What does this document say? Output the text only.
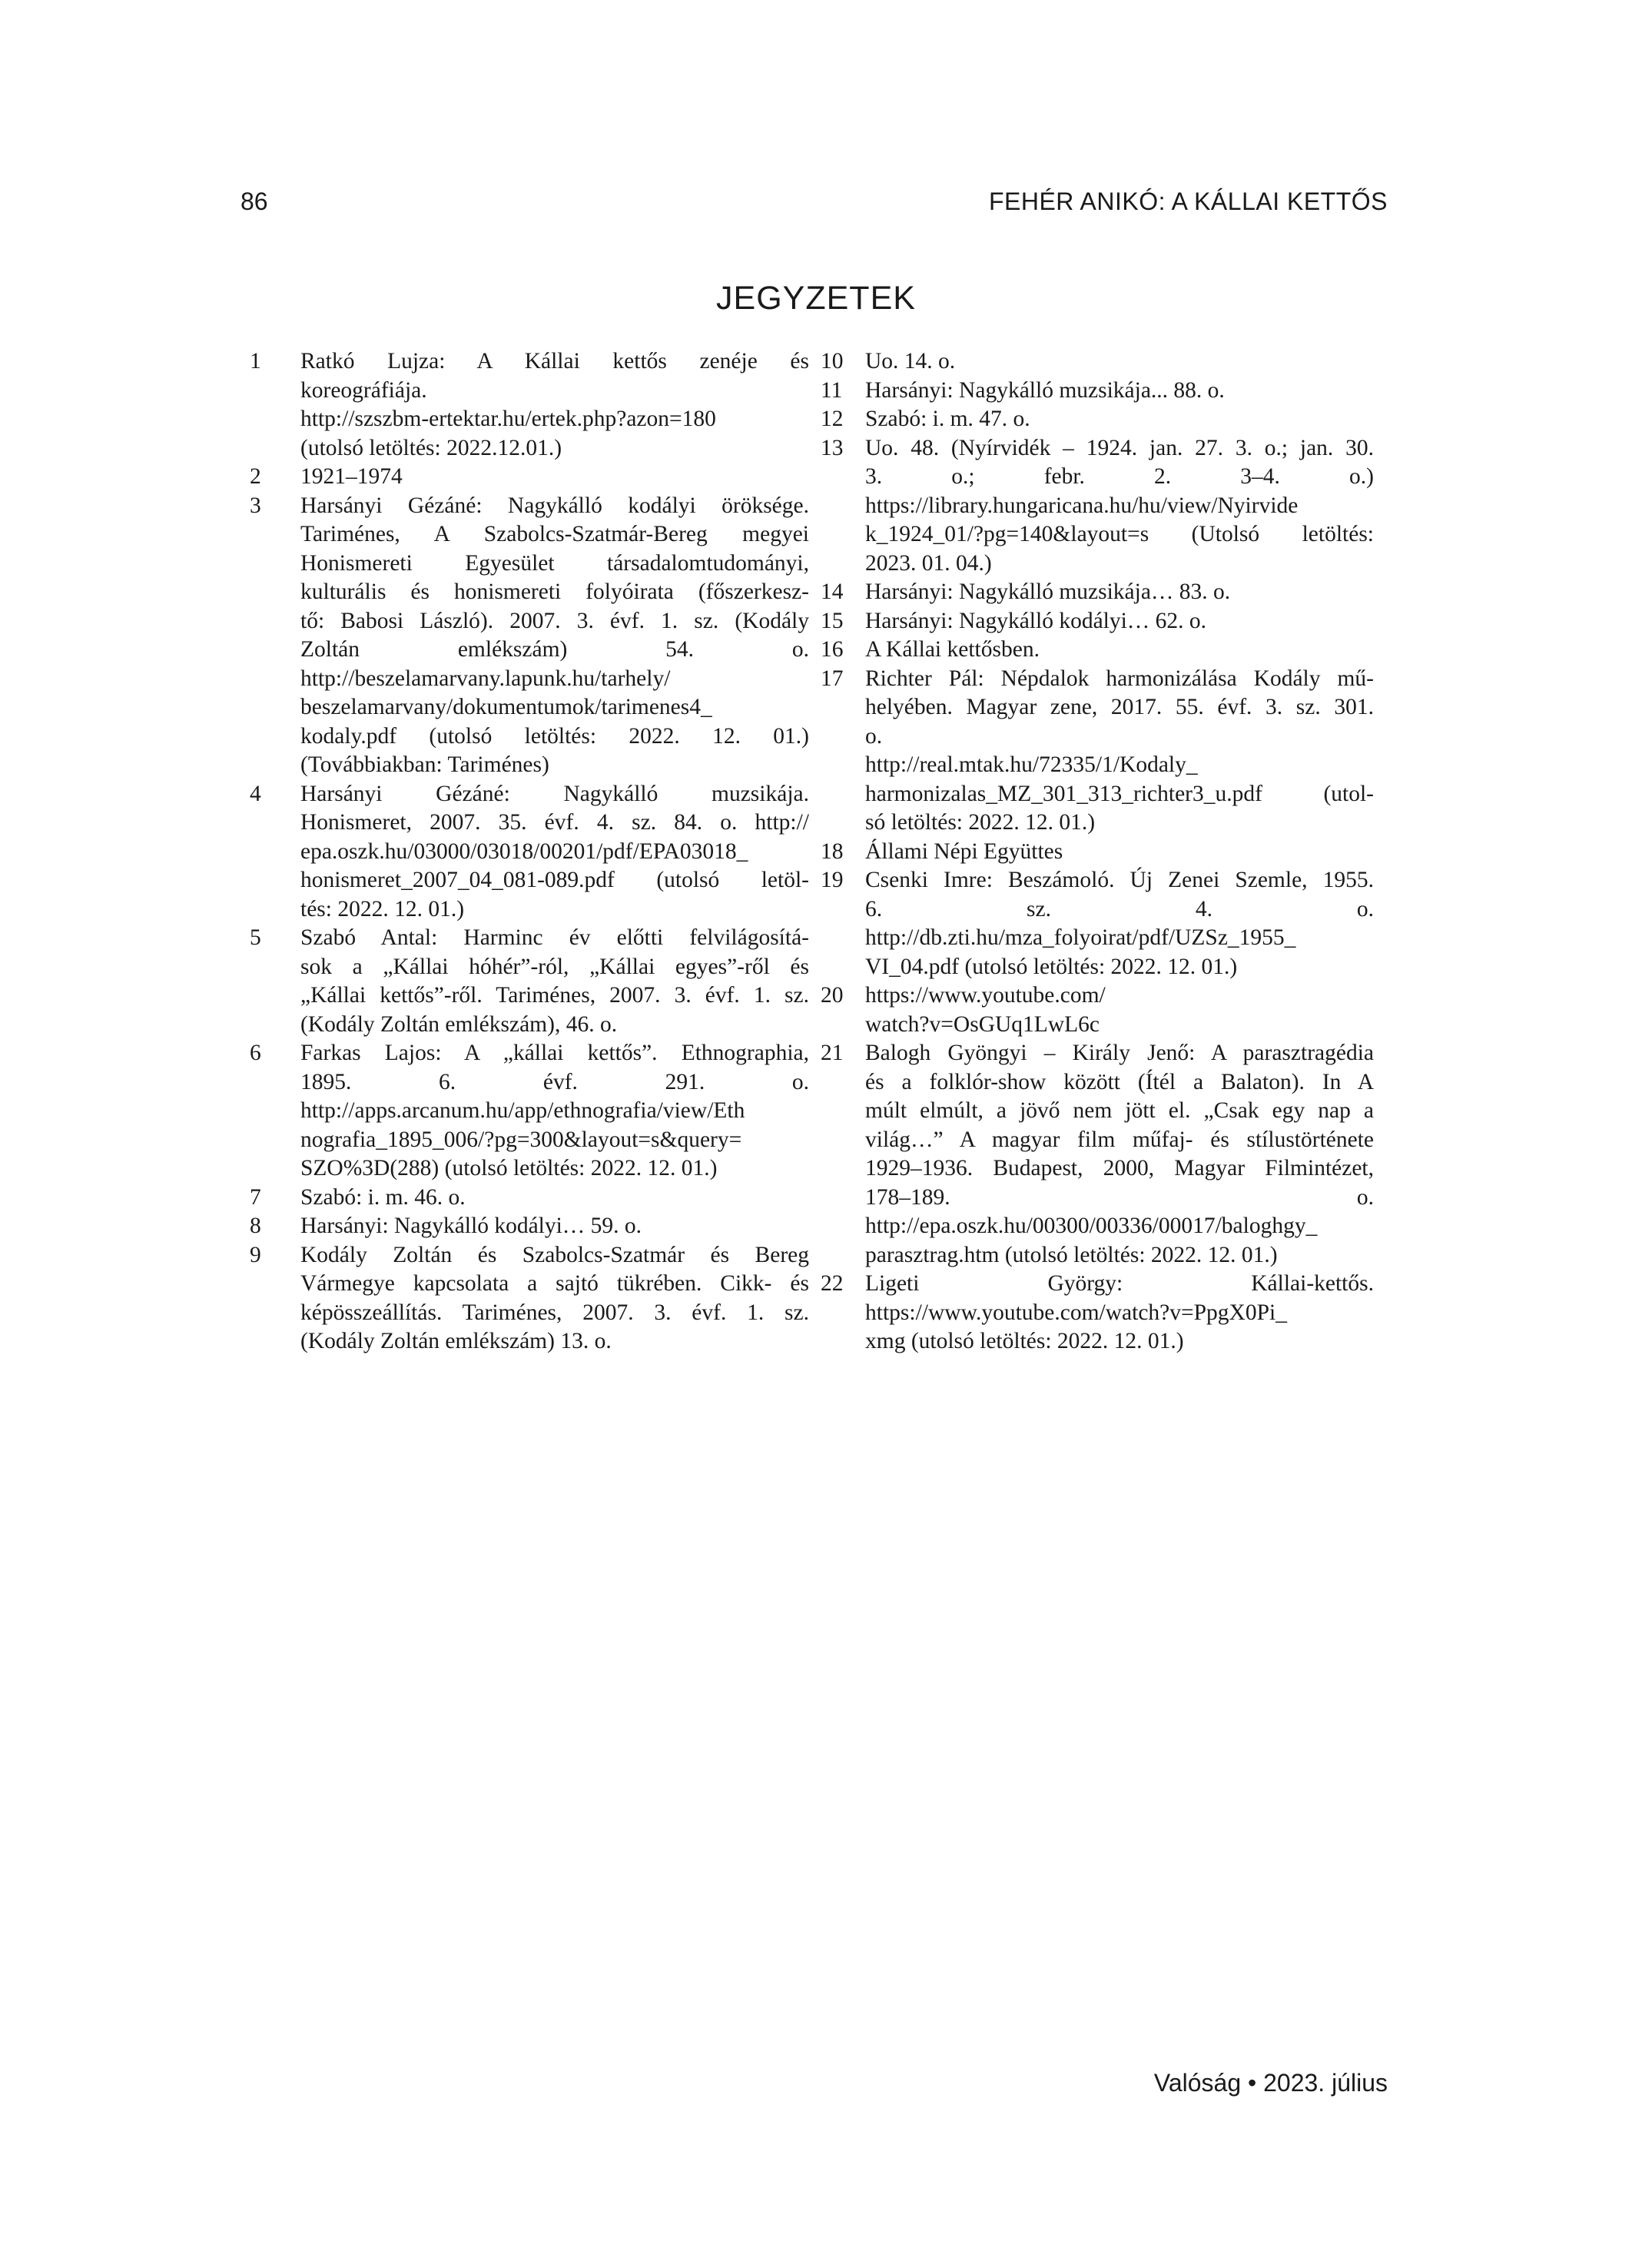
86	FEHÉR ANIKÓ: A KÁLLAI KETTŐS
JEGYZETEK
1	Ratkó Lujza: A Kállai kettős zenéje és
koreográfiája.
http://szszbm-ertektar.hu/ertek.php?azon=180
(utolsó letöltés: 2022.12.01.)
2	1921–1974
3	Harsányi Gézáné: Nagykálló kodályi öröksége.
Tariménes, A Szabolcs-Szatmár-Bereg megyei
Honismereti Egyesület társadalomtudományi,
kulturális és honismereti folyóirata (főszerkesz-
tő: Babosi László). 2007. 3. évf. 1. sz. (Kodály
Zoltán emlékszám) 54. o.
http://beszelamarvany.lapunk.hu/tarhely/
beszelamarvany/dokumentumok/tarimenes4_
kodaly.pdf (utolsó letöltés: 2022. 12. 01.)
(Továbbiakban: Tariménes)
4	Harsányi Gézáné: Nagykálló muzsikája.
Honismeret, 2007. 35. évf. 4. sz. 84. o. http://
epa.oszk.hu/03000/03018/00201/pdf/EPA03018_
honismeret_2007_04_081-089.pdf (utolsó letöl-
tés: 2022. 12. 01.)
5	Szabó Antal: Harminc év előtti felvilágosítá-
sok a „Kállai hóhér”-ról, „Kállai egyes”-ről és
„Kállai kettős”-ről. Tariménes, 2007. 3. évf. 1. sz.
(Kodály Zoltán emlékszám), 46. o.
6	Farkas Lajos: A „kállai kettős”. Ethnographia,
1895. 6. évf. 291. o.
http://apps.arcanum.hu/app/ethnografia/view/Eth
nografia_1895_006/?pg=300&layout=s&query=
SZO%3D(288) (utolsó letöltés: 2022. 12. 01.)
7	Szabó: i. m. 46. o.
8	Harsányi: Nagykálló kodályi… 59. o.
9	Kodály Zoltán és Szabolcs-Szatmár és Bereg
Vármegye kapcsolata a sajtó tükrében. Cikk- és
képösszeállítás. Tariménes, 2007. 3. évf. 1. sz.
(Kodály Zoltán emlékszám) 13. o.
10 Uo. 14. o.
11	Harsányi: Nagykálló muzsikája... 88. o.
12 Szabó: i. m. 47. o.
13 Uo. 48. (Nyírvidék – 1924. jan. 27. 3. o.; jan. 30.
3. o.; febr. 2. 3–4. o.)
https://library.hungaricana.hu/hu/view/Nyirvide
k_1924_01/?pg=140&layout=s (Utolsó letöltés:
2023. 01. 04.)
14 Harsányi: Nagykálló muzsikája… 83. o.
15 Harsányi: Nagykálló kodályi… 62. o.
16 A Kállai kettősben.
17 Richter Pál: Népdalok harmonizálása Kodály mű-
helyében. Magyar zene, 2017. 55. évf. 3. sz. 301.
o.
http://real.mtak.hu/72335/1/Kodaly_
harmonizalas_MZ_301_313_richter3_u.pdf (utol-
só letöltés: 2022. 12. 01.)
18 Állami Népi Együttes
19 Csenki Imre: Beszámoló. Új Zenei Szemle, 1955.
6. sz. 4. o.
http://db.zti.hu/mza_folyoirat/pdf/UZSz_1955_
VI_04.pdf (utolsó letöltés: 2022. 12. 01.)
20 https://www.youtube.com/
watch?v=OsGUq1LwL6c
21 Balogh Gyöngyi – Király Jenő: A parasztragédia
és a folklór-show között (Ítél a Balaton). In A
múlt elmúlt, a jövő nem jött el. „Csak egy nap a
világ…” A magyar film műfaj- és stílustörténete
1929–1936. Budapest, 2000, Magyar Filmintézet,
178–189. o.
http://epa.oszk.hu/00300/00336/00017/baloghgy_
parasztrag.htm (utolsó letöltés: 2022. 12. 01.)
22 Ligeti György: Kállai-kettős.
https://www.youtube.com/watch?v=PpgX0Pi_
xmg (utolsó letöltés: 2022. 12. 01.)
Valóság • 2023. július
